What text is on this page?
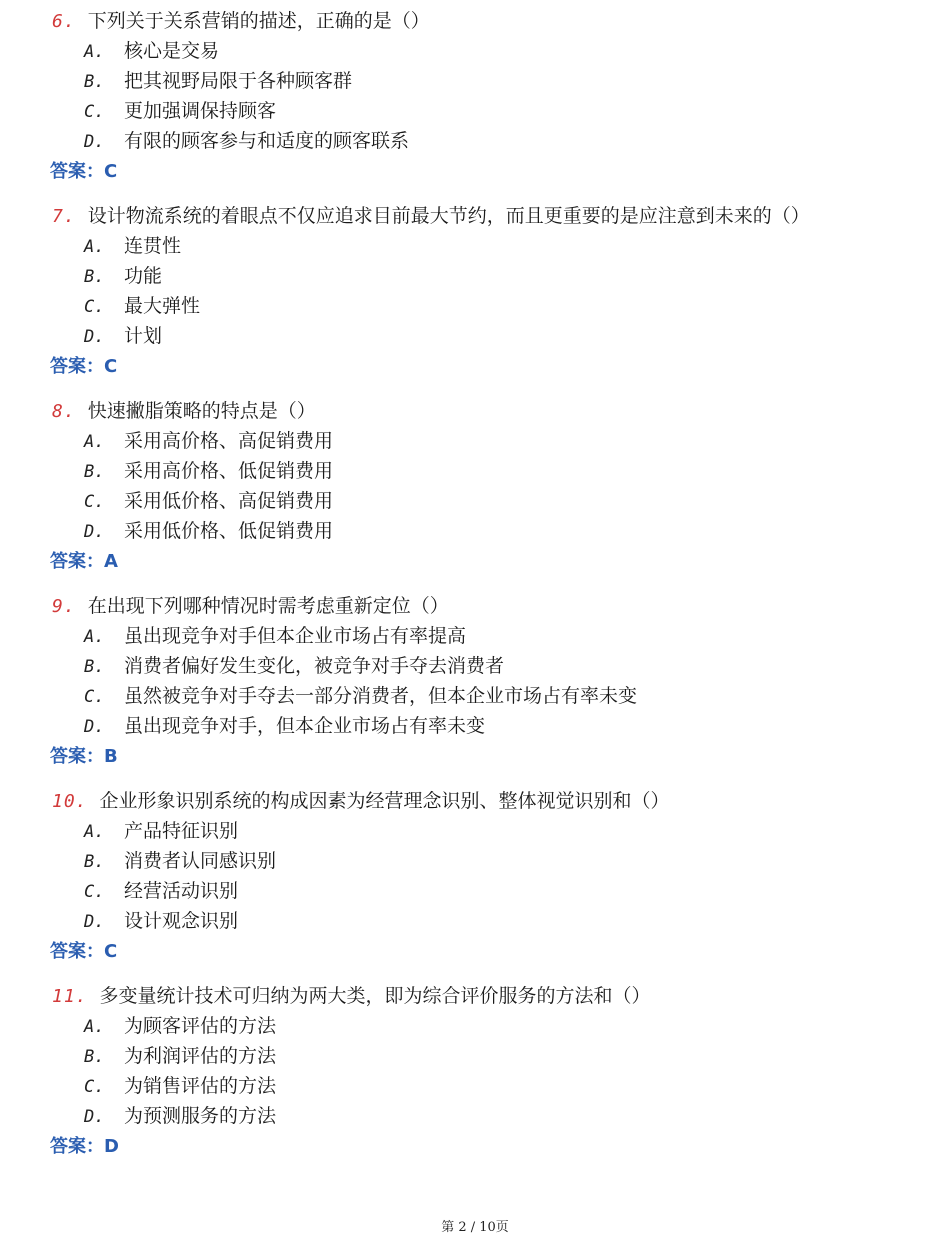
6. 下列关于关系营销的描述，正确的是（）
A. 核心是交易
B. 把其视野局限于各种顾客群
C. 更加强调保持顾客
D. 有限的顾客参与和适度的顾客联系
答案：C
7. 设计物流系统的着眼点不仅应追求目前最大节约，而且更重要的是应注意到未来的（）
A. 连贯性
B. 功能
C. 最大弹性
D. 计划
答案：C
8. 快速撇脂策略的特点是（）
A. 采用高价格、高促销费用
B. 采用高价格、低促销费用
C. 采用低价格、高促销费用
D. 采用低价格、低促销费用
答案：A
9. 在出现下列哪种情况时需考虑重新定位（）
A. 虽出现竞争对手但本企业市场占有率提高
B. 消费者偏好发生变化，被竞争对手夺去消费者
C. 虽然被竞争对手夺去一部分消费者，但本企业市场占有率未变
D. 虽出现竞争对手，但本企业市场占有率未变
答案：B
10. 企业形象识别系统的构成因素为经营理念识别、整体视觉识别和（）
A. 产品特征识别
B. 消费者认同感识别
C. 经营活动识别
D. 设计观念识别
答案：C
11. 多变量统计技术可归纳为两大类，即为综合评价服务的方法和（）
A. 为顾客评估的方法
B. 为利润评估的方法
C. 为销售评估的方法
D. 为预测服务的方法
答案：D
第 2 / 10页
